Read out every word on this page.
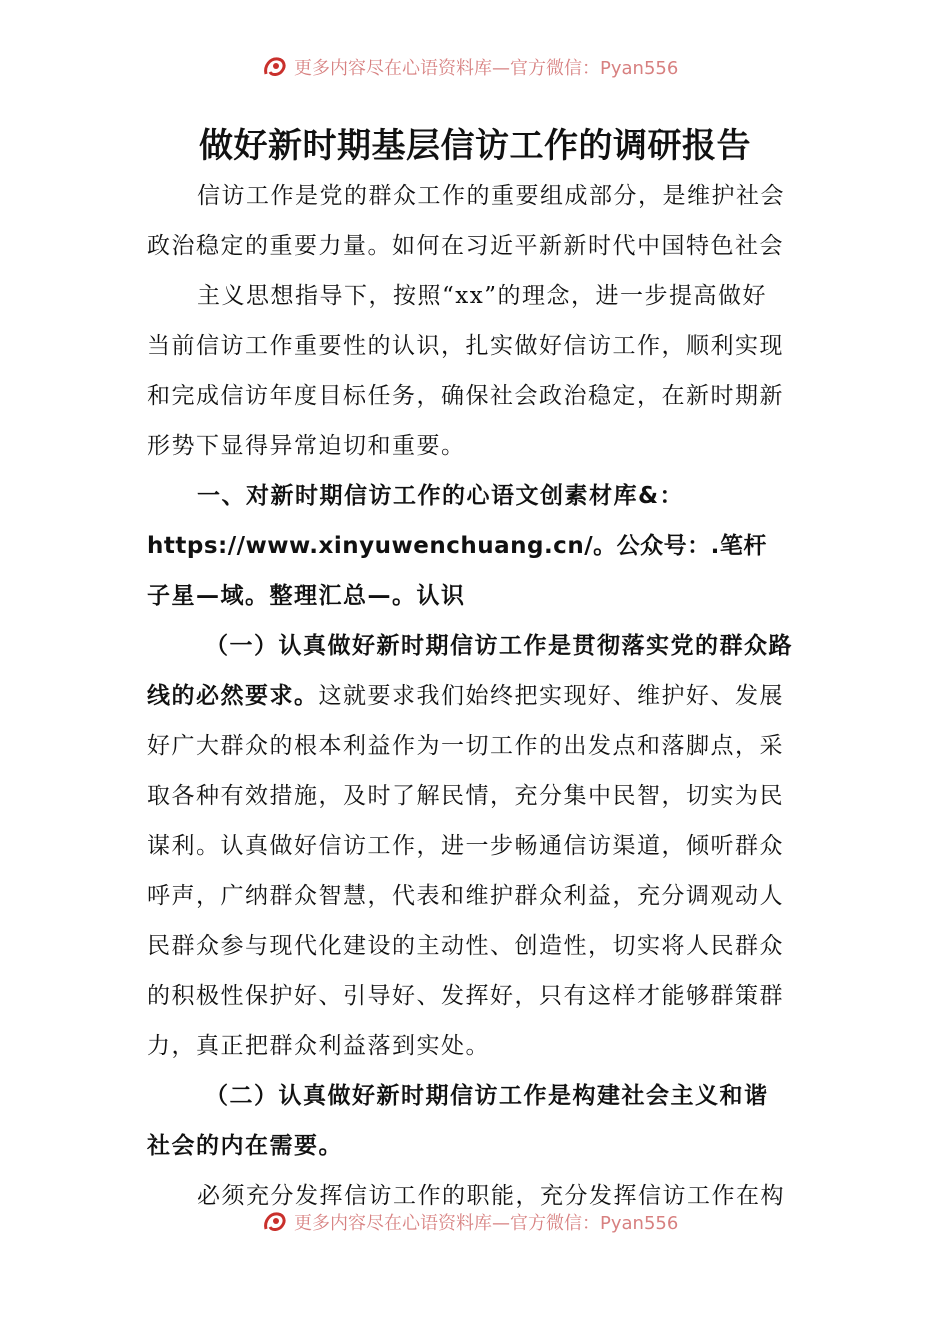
更多内容尽在心语资料库—官方微信：Pyan556
做好新时期基层信访工作的调研报告
信访工作是党的群众工作的重要组成部分，是维护社会
政治稳定的重要力量。如何在习近平新新时代中国特色社会
主义思想指导下，按照“xx”的理念，进一步提高做好
当前信访工作重要性的认识，扎实做好信访工作，顺利实现
和完成信访年度目标任务，确保社会政治稳定，在新时期新
形势下显得异常迫切和重要。
一、对新时期信访工作的心语文创素材库&：
https://www.xinyuwenchuang.cn/。公众号：.笔杆
子星—域。整理汇总—。认识
（一）认真做好新时期信访工作是贯彻落实党的群众路
线的必然要求。这就要求我们始终把实现好、维护好、发展
好广大群众的根本利益作为一切工作的出发点和落脚点，采
取各种有效措施，及时了解民情，充分集中民智，切实为民
谋利。认真做好信访工作，进一步畅通信访渠道，倾听群众
呼声，广纳群众智慧，代表和维护群众利益，充分调观动人
民群众参与现代化建设的主动性、创造性，切实将人民群众
的积极性保护好、引导好、发挥好，只有这样才能够群策群
力，真正把群众利益落到实处。
（二）认真做好新时期信访工作是构建社会主义和谐
社会的内在需要。
必须充分发挥信访工作的职能，充分发挥信访工作在构
更多内容尽在心语资料库—官方微信：Pyan556
